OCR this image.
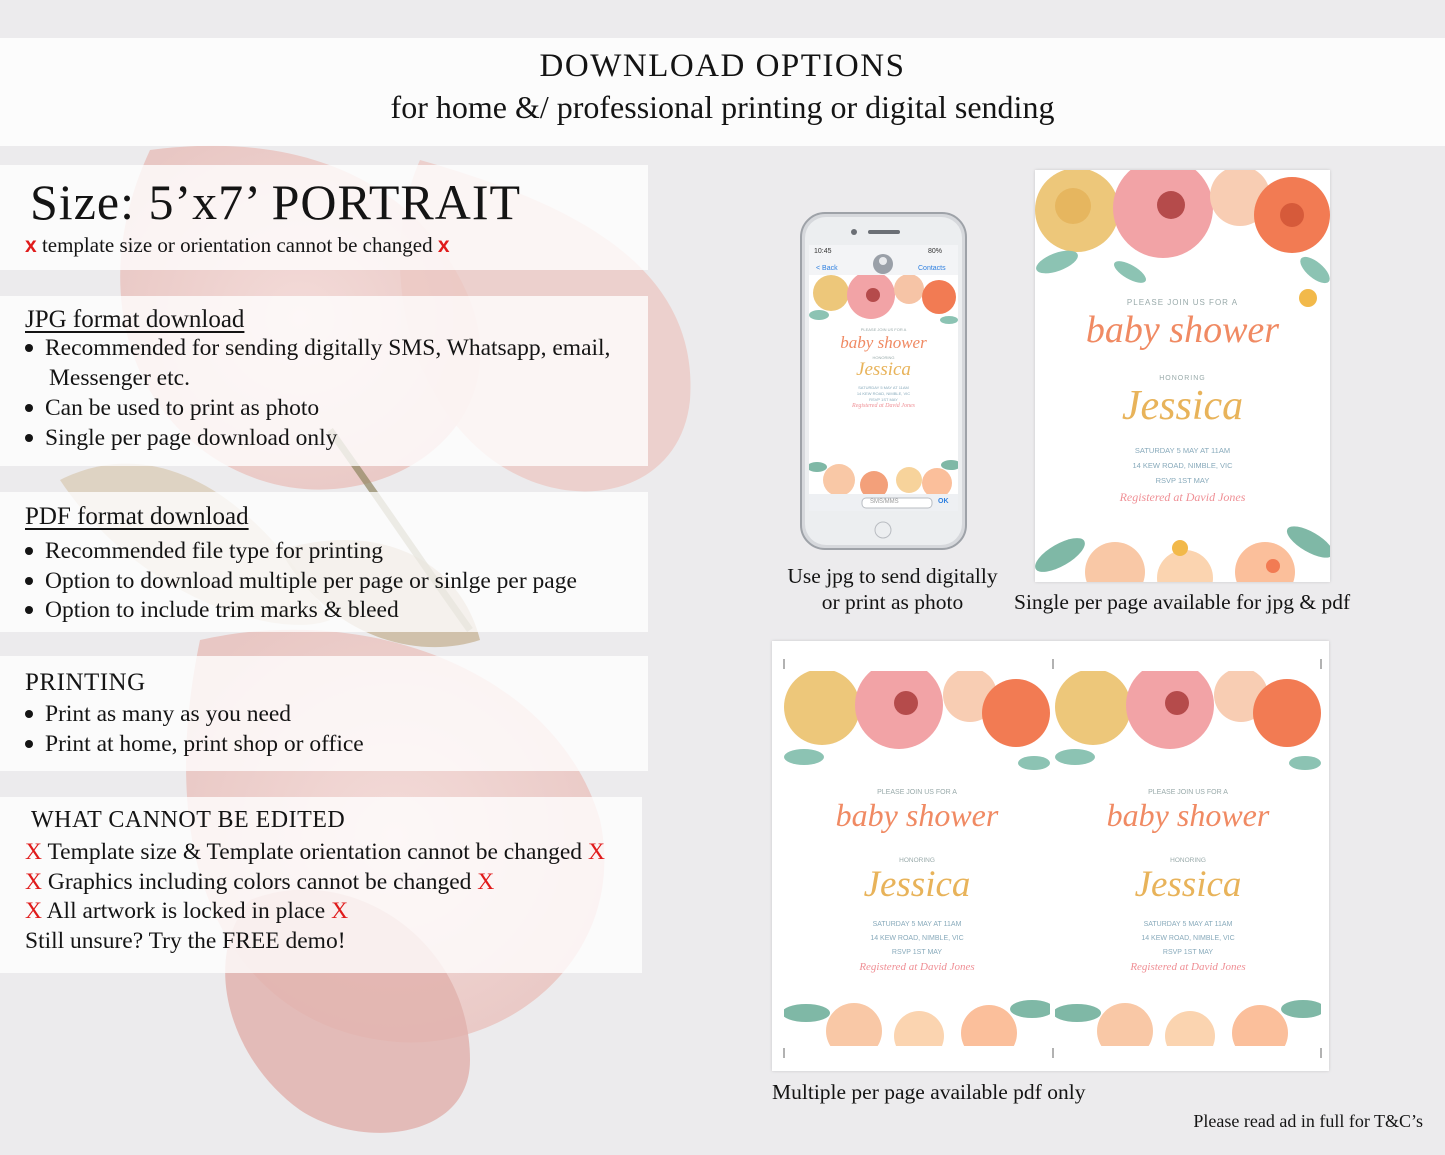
DOWNLOAD OPTIONS
for home &/ professional printing or digital sending
Size: 5’x7’ PORTRAIT
x template size or orientation cannot be changed x
JPG format download
Recommended for sending digitally SMS, Whatsapp, email,
Messenger etc.
Can be used to print as photo
Single per page download only
PDF format download
Recommended file type for printing
Option to download multiple per page or sinlge per page
Option to include trim marks & bleed
PRINTING
Print as many as you need
Print at home, print shop or office
WHAT CANNOT BE EDITED
X Template size & Template orientation cannot be changed X
X Graphics including colors cannot be changed X
X All artwork is locked in place X
Still unsure? Try the FREE demo!
10:45	80%
< Back	Contacts
SMS/MMS	OK
PLEASE JOIN US FOR A
baby shower
HONORING
Jessica
SATURDAY 5 MAY AT 11AM
14 KEW ROAD, NIMBLE, VIC
RSVP 1ST MAY
Registered at David Jones
Use jpg to send digitally
or print as photo
PLEASE JOIN US FOR A
baby shower
HONORING
Jessica
SATURDAY 5 MAY AT 11AM
14 KEW ROAD, NIMBLE, VIC
RSVP 1ST MAY
Registered at David Jones
Single per page available for jpg & pdf
PLEASE JOIN US FOR A
baby shower
HONORING
Jessica
SATURDAY 5 MAY AT 11AM
14 KEW ROAD, NIMBLE, VIC
RSVP 1ST MAY
Registered at David Jones
PLEASE JOIN US FOR A
baby shower
HONORING
Jessica
SATURDAY 5 MAY AT 11AM
14 KEW ROAD, NIMBLE, VIC
RSVP 1ST MAY
Registered at David Jones
Multiple per page available pdf only
Please read ad in full for T&C’s
